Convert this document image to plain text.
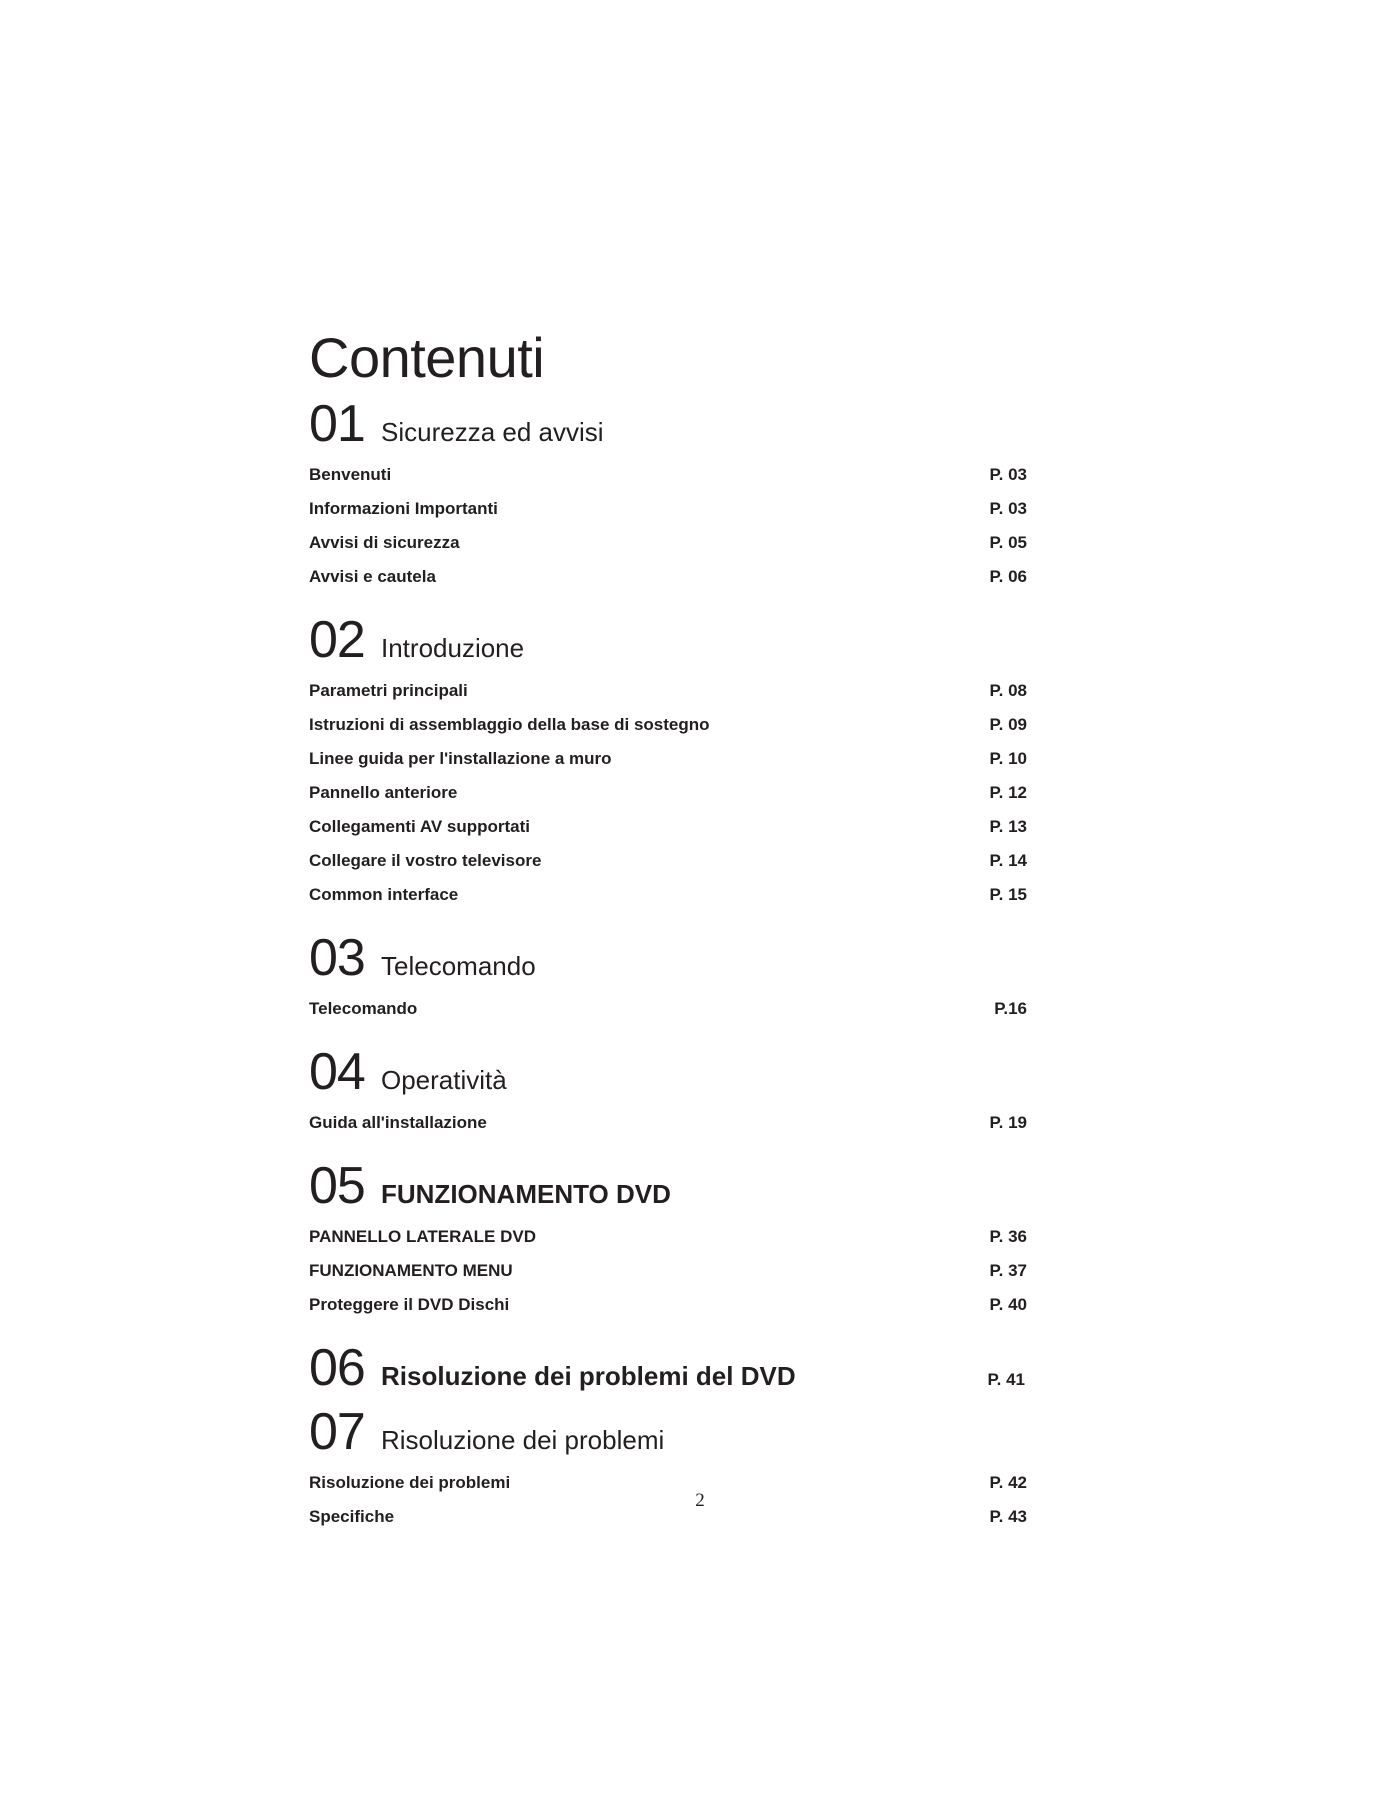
Contenuti
01 Sicurezza ed avvisi
Benvenuti	P. 03
Informazioni Importanti	P. 03
Avvisi di sicurezza	P. 05
Avvisi e cautela	P. 06
02 Introduzione
Parametri principali	P. 08
Istruzioni di assemblaggio della base di sostegno	P. 09
Linee guida per l'installazione a muro	P. 10
Pannello anteriore	P. 12
Collegamenti AV supportati	P. 13
Collegare il vostro televisore	P. 14
Common interface	P. 15
03 Telecomando
Telecomando	P.16
04 Operatività
Guida all'installazione	P. 19
05 FUNZIONAMENTO DVD
PANNELLO LATERALE DVD	P. 36
FUNZIONAMENTO MENU	P. 37
Proteggere il DVD Dischi	P. 40
06 Risoluzione dei problemi del DVD	P. 41
07 Risoluzione dei problemi
Risoluzione dei problemi	P. 42
Specifiche	P. 43
2
